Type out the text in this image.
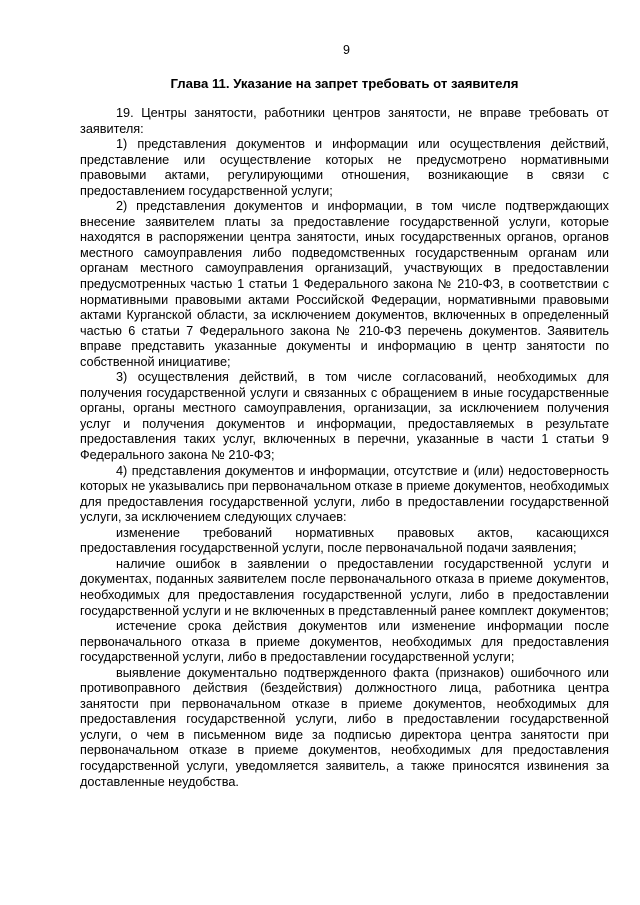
9
Глава 11. Указание на запрет требовать от заявителя

19. Центры занятости, работники центров занятости, не вправе требовать от заявителя:

1) представления документов и информации или осуществления действий, представление или осуществление которых не предусмотрено нормативными правовыми актами, регулирующими отношения, возникающие в связи с предоставлением государственной услуги;

2) представления документов и информации, в том числе подтверждающих внесение заявителем платы за предоставление государственной услуги, которые находятся в распоряжении центра занятости, иных государственных органов, органов местного самоуправления либо подведомственных государственным органам или органам местного самоуправления организаций, участвующих в предоставлении предусмотренных частью 1 статьи 1 Федерального закона № 210-ФЗ, в соответствии с нормативными правовыми актами Российской Федерации, нормативными правовыми актами Курганской области, за исключением документов, включенных в определенный частью 6 статьи 7 Федерального закона № 210-ФЗ перечень документов. Заявитель вправе представить указанные документы и информацию в центр занятости по собственной инициативе;

3) осуществления действий, в том числе согласований, необходимых для получения государственной услуги и связанных с обращением в иные государственные органы, органы местного самоуправления, организации, за исключением получения услуг и получения документов и информации, предоставляемых в результате предоставления таких услуг, включенных в перечни, указанные в части 1 статьи 9 Федерального закона № 210-ФЗ;

4) представления документов и информации, отсутствие и (или) недостоверность которых не указывались при первоначальном отказе в приеме документов, необходимых для предоставления государственной услуги, либо в предоставлении государственной услуги, за исключением следующих случаев:

изменение требований нормативных правовых актов, касающихся предоставления государственной услуги, после первоначальной подачи заявления;

наличие ошибок в заявлении о предоставлении государственной услуги и документах, поданных заявителем после первоначального отказа в приеме документов, необходимых для предоставления государственной услуги, либо в предоставлении государственной услуги и не включенных в представленный ранее комплект документов;

истечение срока действия документов или изменение информации после первоначального отказа в приеме документов, необходимых для предоставления государственной услуги, либо в предоставлении государственной услуги;

выявление документально подтвержденного факта (признаков) ошибочного или противоправного действия (бездействия) должностного лица, работника центра занятости при первоначальном отказе в приеме документов, необходимых для предоставления государственной услуги, либо в предоставлении государственной услуги, о чем в письменном виде за подписью директора центра занятости при первоначальном отказе в приеме документов, необходимых для предоставления государственной услуги, уведомляется заявитель, а также приносятся извинения за доставленные неудобства.
